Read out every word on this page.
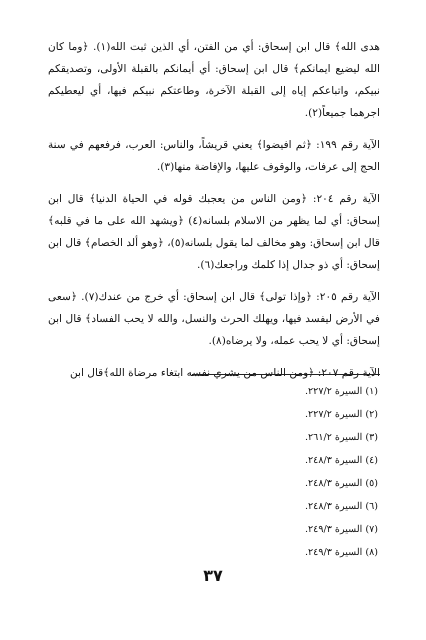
هدى الله﴾ قال ابن إسحاق: أي من الفتن، أي الذين ثبت الله(١). ﴿وما كان الله ليضيع ايمانكم﴾ قال ابن إسحاق: أي أيمانكم بالقبلة الأولى، وتصديقكم نبيكم، واتباعكم إياه إلى القبلة الآخرة، وطاعتكم نبيكم فيها، أي ليعطيكم اجرهما جميعاً(٢).

الآية رقم ١٩٩: ﴿ثم افيضوا﴾ يعني قريشاً، والناس: العرب، فرفعهم في سنة الحج إلى عرفات، والوقوف عليها، والإفاضة منها(٣).

الآية رقم ٢٠٤: ﴿ومن الناس من يعجبك قوله في الحياة الدنيا﴾ قال ابن إسحاق: أي لما يظهر من الاسلام بلسانه(٤) ﴿ويشهد الله على ما في قلبه﴾ قال ابن إسحاق: وهو مخالف لما يقول بلسانه(٥)، ﴿وهو ألد الخصام﴾ قال ابن إسحاق: أي ذو جدال إذا كلمك وراجعك(٦).

الآية رقم ٢٠٥: ﴿وإذا تولى﴾ قال ابن إسحاق: أي خرج من عندك(٧). ﴿سعى في الأرض ليفسد فيها، ويهلك الحرث والنسل، والله لا يحب الفساد﴾ قال ابن إسحاق: أي لا يحب عمله، ولا يرضاه(٨).

الآية رقم ٢٠٧: ﴿ومن الناس من يشري نفسه ابتغاء مرضاة الله﴾قال ابن

(١) السيرة ٢٢٧/٢.
(٢) السيرة ٢٢٧/٢.
(٣) السيرة ٢٦١/٢.
(٤) السيرة ٢٤٨/٣.
(٥) السيرة ٢٤٨/٣.
(٦) السيرة ٢٤٨/٣.
(٧) السيرة ٢٤٩/٣.
(٨) السيرة ٢٤٩/٣.
٣٧
